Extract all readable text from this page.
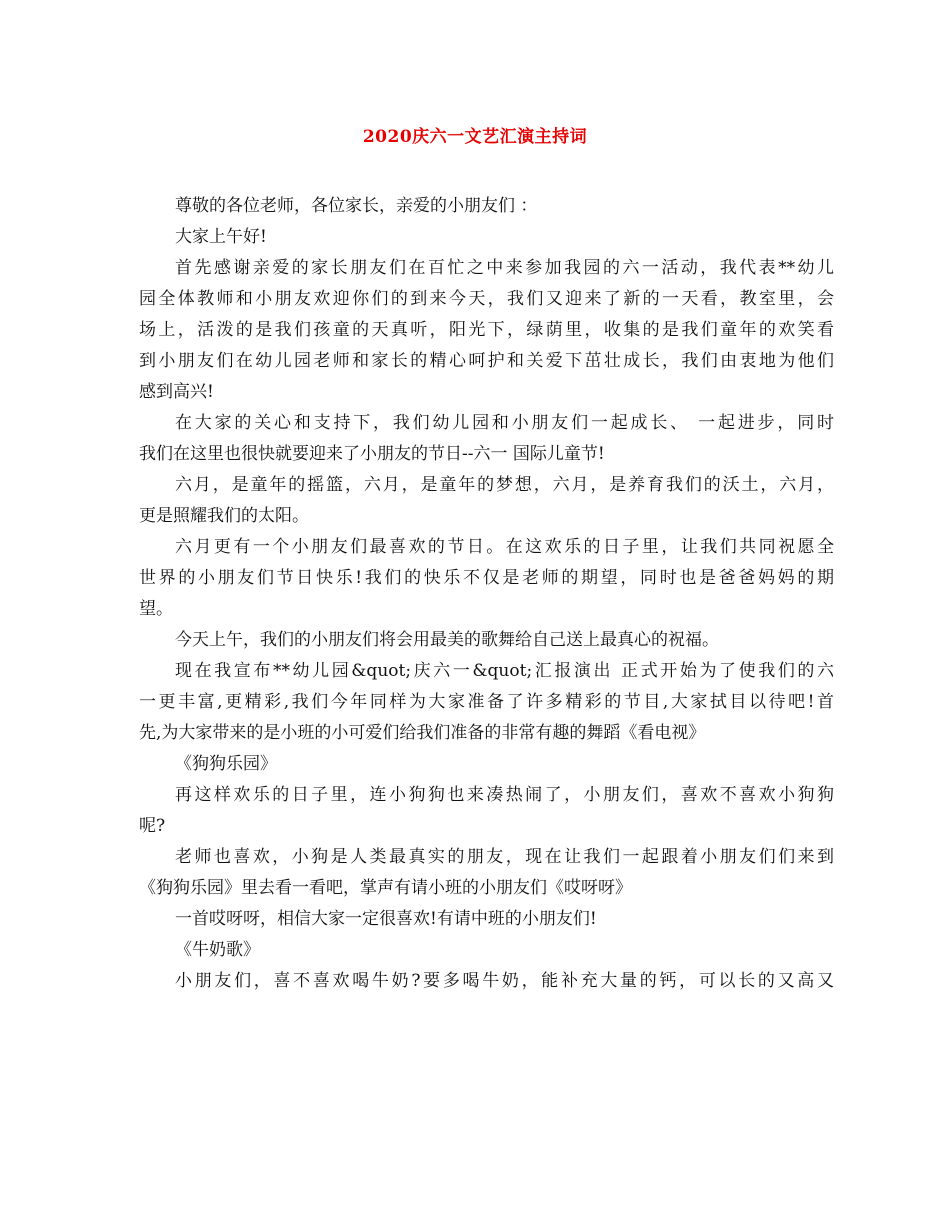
2020庆六一文艺汇演主持词
尊敬的各位老师，各位家长，亲爱的小朋友们 ：
大家上午好!
首先感谢亲爱的家长朋友们在百忙之中来参加我园的六一活动，我代表**幼儿
园全体教师和小朋友欢迎你们的到来今天，我们又迎来了新的一天看，教室里，会
场上，活泼的是我们孩童的天真听，阳光下，绿荫里，收集的是我们童年的欢笑看
到小朋友们在幼儿园老师和家长的精心呵护和关爱下茁壮成长，我们由衷地为他们
感到高兴!
在大家的关心和支持下，我们幼儿园和小朋友们一起成长、 一起进步，同时
我们在这里也很快就要迎来了小朋友的节日--六一 国际儿童节!
六月，是童年的摇篮，六月，是童年的梦想，六月，是养育我们的沃土，六月，
更是照耀我们的太阳。
六月更有一个小朋友们最喜欢的节日。在这欢乐的日子里，让我们共同祝愿全
世界的小朋友们节日快乐!我们的快乐不仅是老师的期望，同时也是爸爸妈妈的期
望。
今天上午，我们的小朋友们将会用最美的歌舞给自己送上最真心的祝福。
现在我宣布**幼儿园&quot;庆六一&quot;汇报演出 正式开始为了使我们的六
一更丰富,更精彩,我们今年同样为大家准备了许多精彩的节目,大家拭目以待吧!首
先,为大家带来的是小班的小可爱们给我们准备的非常有趣的舞蹈《看电视》
《狗狗乐园》
再这样欢乐的日子里，连小狗狗也来凑热闹了，小朋友们，喜欢不喜欢小狗狗
呢?
老师也喜欢，小狗是人类最真实的朋友，现在让我们一起跟着小朋友们们来到
《狗狗乐园》里去看一看吧，掌声有请小班的小朋友们《哎呀呀》
一首哎呀呀，相信大家一定很喜欢!有请中班的小朋友们!
《牛奶歌》
小朋友们，喜不喜欢喝牛奶?要多喝牛奶，能补充大量的钙，可以长的又高又
